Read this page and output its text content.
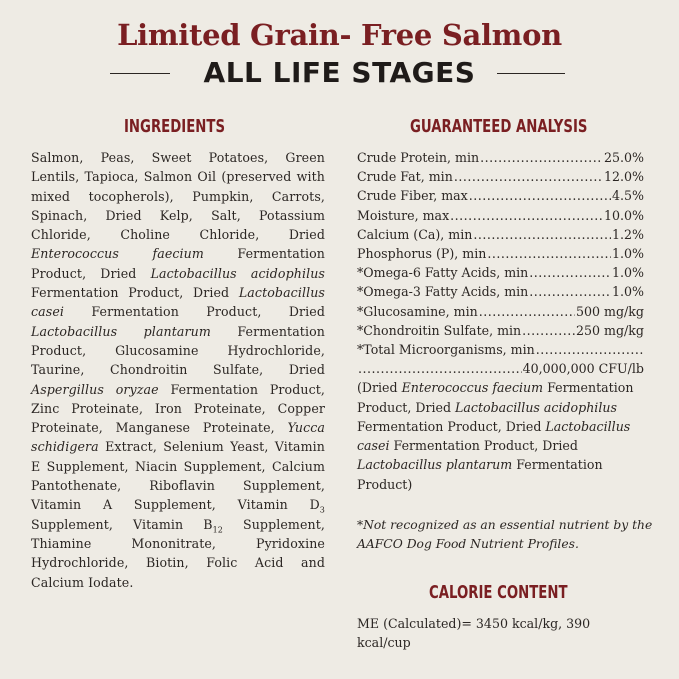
Limited Grain- Free Salmon
ALL LIFE STAGES
INGREDIENTS	GUARANTEED ANALYSIS
Salmon, Peas, Sweet Potatoes, Green Lentils, Tapioca, Salmon Oil (preserved with mixed tocopherols), Pumpkin, Carrots, Spinach, Dried Kelp, Salt, Potassium Chloride, Choline Chloride, Dried Enterococcus faecium Fermentation Product, Dried Lactobacillus acidophilus Fermentation Product, Dried Lactobacillus casei Fermentation Product, Dried Lactobacillus plantarum Fermentation Product, Glucosamine Hydrochloride, Taurine, Chondroitin Sulfate, Dried Aspergillus oryzae Fermentation Product, Zinc Proteinate, Iron Proteinate, Copper Proteinate, Manganese Proteinate, Yucca schidigera Extract, Selenium Yeast, Vitamin E Supplement, Niacin Supplement, Calcium Pantothenate, Riboflavin Supplement, Vitamin A Supplement, Vitamin $D_3$ Supplement, Vitamin $B_{12}$ Supplement, Thiamine Mononitrate, Pyridoxine Hydrochloride, Biotin, Folic Acid and Calcium Iodate.
Crude Protein, min .....	25.0%
Crude Fat, min .....	12.0%
Crude Fiber, max .....	4.5%
Moisture, max .....	10.0%
Calcium (Ca), min .....	1.2%
Phosphorus (P), min .....	1.0%
*Omega-6 Fatty Acids, min .....	1.0%
*Omega-3 Fatty Acids, min .....	1.0%
*Glucosamine, min .....	500 mg/kg
*Chondroitin Sulfate, min .....	250 mg/kg
*Total Microorganisms, min
.....
.....
40,000,000 CFU/lb
(Dried Enterococcus faecium Fermentation Product, Dried Lactobacillus acidophilus Fermentation Product, Dried Lactobacillus casei Fermentation Product, Dried Lactobacillus plantarum Fermentation Product)
*Not recognized as an essential nutrient by the AAFCO Dog Food Nutrient Profiles.
CALORIE CONTENT
ME (Calculated)= 3450 kcal/kg, 390 kcal/cup
